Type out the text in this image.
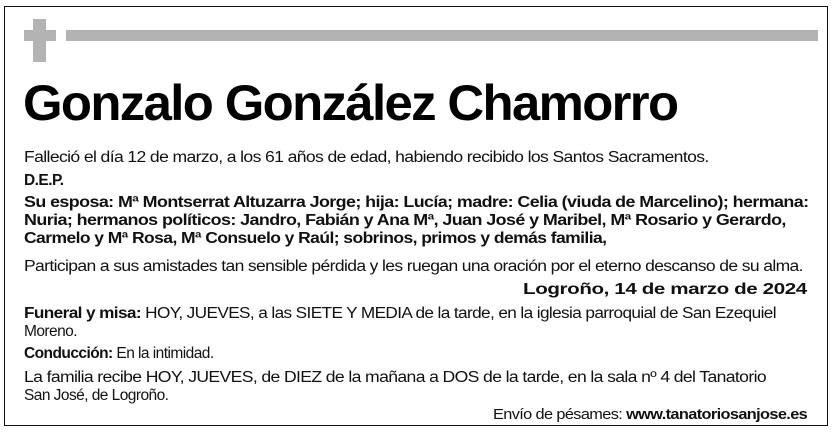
Gonzalo González Chamorro
Falleció el día 12 de marzo, a los 61 años de edad, habiendo recibido los Santos Sacramentos.
D.E.P.
Su esposa: Mª Montserrat Altuzarra Jorge; hija: Lucía; madre: Celia (viuda de Marcelino); hermana:
Nuria; hermanos políticos: Jandro, Fabián y Ana Mª, Juan José y Maribel, Mª Rosario y Gerardo,
Carmelo y Mª Rosa, Mª Consuelo y Raúl; sobrinos, primos y demás familia,
Participan a sus amistades tan sensible pérdida y les ruegan una oración por el eterno descanso de su alma.
Logroño, 14 de marzo de 2024
Funeral y misa: HOY, JUEVES, a las SIETE Y MEDIA de la tarde, en la iglesia parroquial de San Ezequiel
Moreno.
Conducción: En la intimidad.
La familia recibe HOY, JUEVES, de DIEZ de la mañana a DOS de la tarde, en la sala nº 4 del Tanatorio
San José, de Logroño.
Envío de pésames: www.tanatoriosanjose.es
